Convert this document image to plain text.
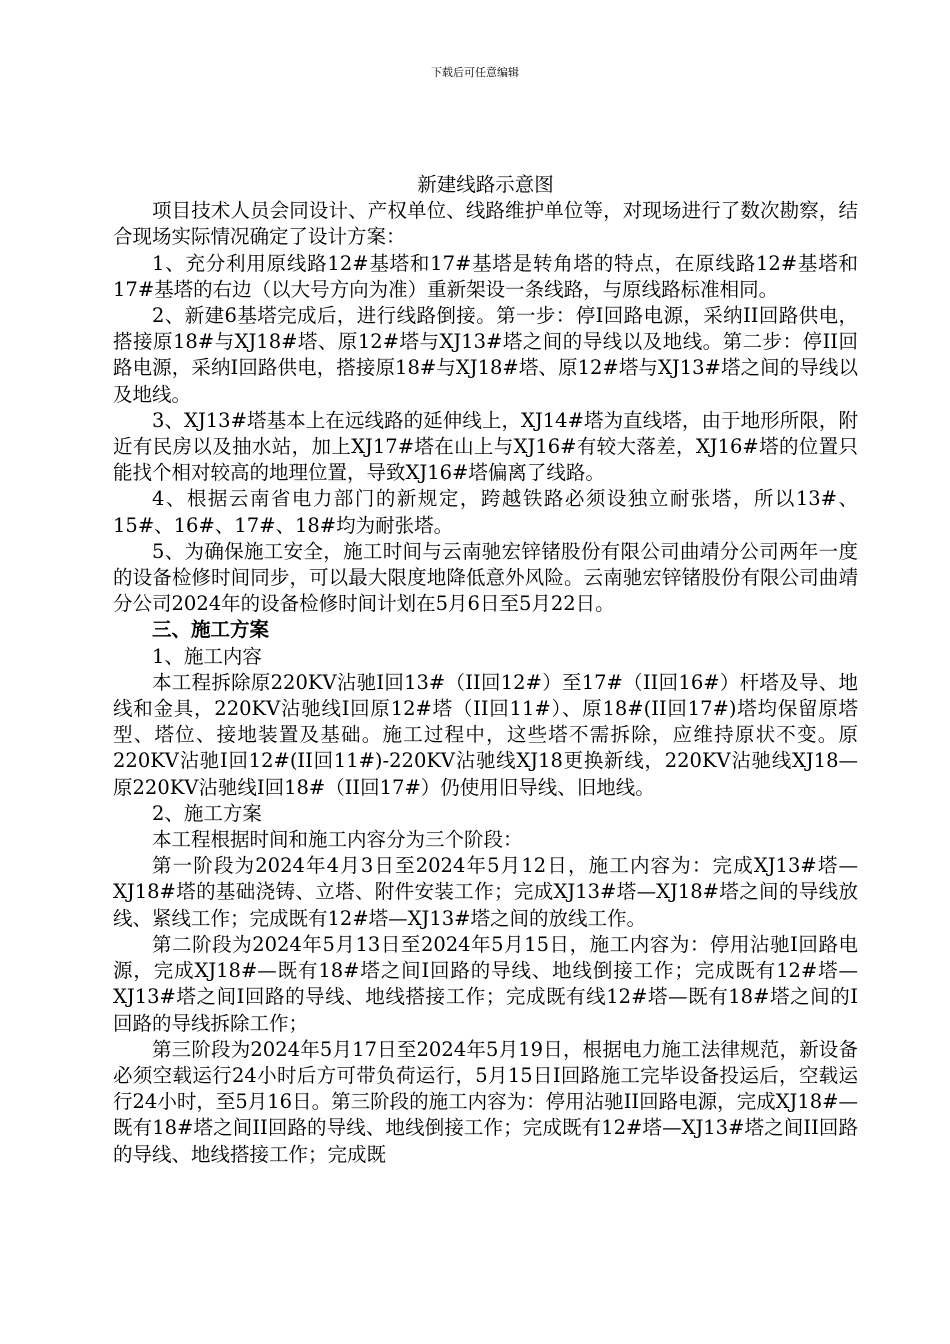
下载后可任意编辑

新建线路示意图

项目技术人员会同设计、产权单位、线路维护单位等，对现场进行了数次勘察，结合现场实际情况确定了设计方案：

1、充分利用原线路12#基塔和17#基塔是转角塔的特点，在原线路12#基塔和17#基塔的右边（以大号方向为准）重新架设一条线路，与原线路标准相同。

2、新建6基塔完成后，进行线路倒接。第一步：停I回路电源，采纳II回路供电，搭接原18#与XJ18#塔、原12#塔与XJ13#塔之间的导线以及地线。第二步：停II回路电源，采纳I回路供电，搭接原18#与XJ18#塔、原12#塔与XJ13#塔之间的导线以及地线。

3、XJ13#塔基本上在远线路的延伸线上，XJ14#塔为直线塔，由于地形所限，附近有民房以及抽水站，加上XJ17#塔在山上与XJ16#有较大落差，XJ16#塔的位置只能找个相对较高的地理位置，导致XJ16#塔偏离了线路。

4、根据云南省电力部门的新规定，跨越铁路必须设独立耐张塔，所以13#、15#、16#、17#、18#均为耐张塔。

5、为确保施工安全，施工时间与云南驰宏锌锗股份有限公司曲靖分公司两年一度的设备检修时间同步，可以最大限度地降低意外风险。云南驰宏锌锗股份有限公司曲靖分公司2024年的设备检修时间计划在5月6日至5月22日。

三、施工方案

1、施工内容

本工程拆除原220KV沾驰I回13#（II回12#）至17#（II回16#）杆塔及导、地线和金具，220KV沾驰线I回原12#塔（II回11#）、原18#(II回17#)塔均保留原塔型、塔位、接地装置及基础。施工过程中，这些塔不需拆除，应维持原状不变。原220KV沾驰I回12#(II回11#)-220KV沾驰线XJ18更换新线，220KV沾驰线XJ18—原220KV沾驰线I回18#（II回17#）仍使用旧导线、旧地线。

2、施工方案

本工程根据时间和施工内容分为三个阶段：

第一阶段为2024年4月3日至2024年5月12日，施工内容为：完成XJ13#塔—XJ18#塔的基础浇铸、立塔、附件安装工作；完成XJ13#塔—XJ18#塔之间的导线放线、紧线工作；完成既有12#塔—XJ13#塔之间的放线工作。

第二阶段为2024年5月13日至2024年5月15日，施工内容为：停用沾驰I回路电源，完成XJ18#—既有18#塔之间I回路的导线、地线倒接工作；完成既有12#塔—XJ13#塔之间I回路的导线、地线搭接工作；完成既有线12#塔—既有18#塔之间的I回路的导线拆除工作；

第三阶段为2024年5月17日至2024年5月19日，根据电力施工法律规范，新设备必须空载运行24小时后方可带负荷运行，5月15日I回路施工完毕设备投运后，空载运行24小时，至5月16日。第三阶段的施工内容为：停用沾驰II回路电源，完成XJ18#—既有18#塔之间II回路的导线、地线倒接工作；完成既有12#塔—XJ13#塔之间II回路的导线、地线搭接工作；完成既
